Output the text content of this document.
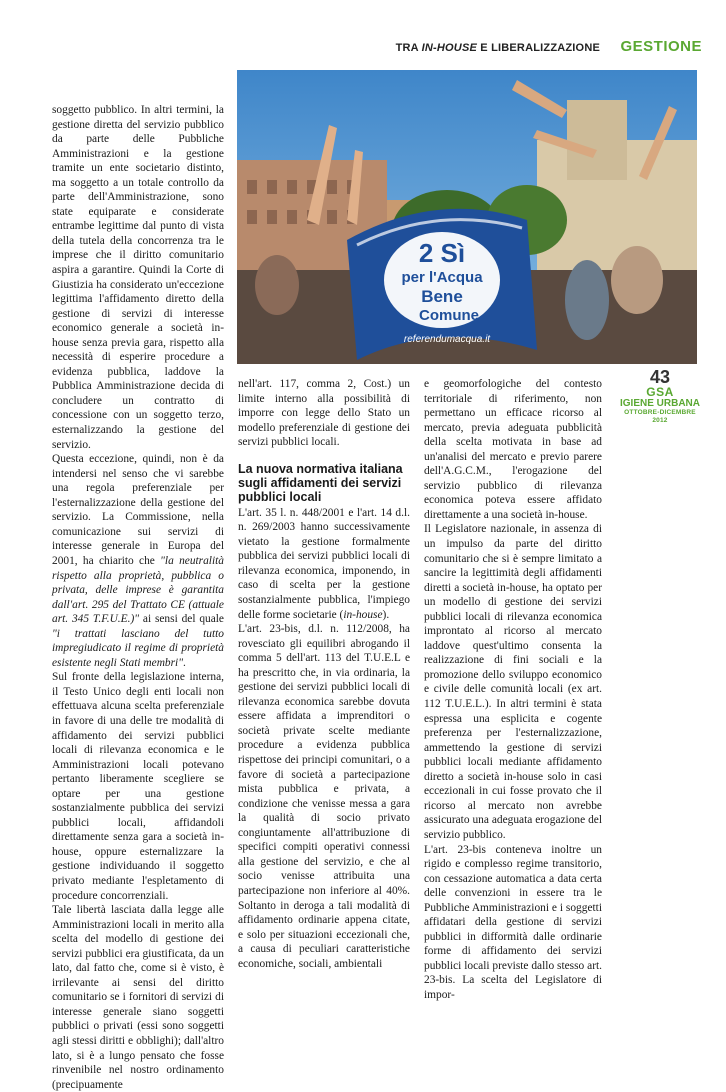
TRA IN-HOUSE E LIBERALIZZAZIONE GESTIONE
2 Sì
per l'Acqua
Bene
Comune
referendumacqua.it
43
GSA
IGIENE URBANA
OTTOBRE-DICEMBRE 2012

soggetto pubblico. In altri termini, la gestione diretta del servizio pubblico da parte delle Pubbliche Amministrazioni e la gestione tramite un ente societario distinto, ma soggetto a un totale controllo da parte dell'Amministrazione, sono state equiparate e considerate entrambe legittime dal punto di vista della tutela della concorrenza tra le imprese che il diritto comunitario aspira a garantire. Quindi la Corte di Giustizia ha considerato un'eccezione legittima l'affidamento diretto della gestione di servizi di interesse economico generale a società in-house senza previa gara, rispetto alla necessità di esperire procedure a evidenza pubblica, laddove la Pubblica Amministrazione decida di concludere un contratto di concessione con un soggetto terzo, esternalizzando la gestione del servizio.

Questa eccezione, quindi, non è da intendersi nel senso che vi sarebbe una regola preferenziale per l'esternalizzazione della gestione del servizio. La Commissione, nella comunicazione sui servizi di interesse generale in Europa del 2001, ha chiarito che "la neutralità rispetto alla proprietà, pubblica o privata, delle imprese è garantita dall'art. 295 del Trattato CE (attuale art. 345 T.F.U.E.)" ai sensi del quale "i trattati lasciano del tutto impregiudicato il regime di proprietà esistente negli Stati membri".

Sul fronte della legislazione interna, il Testo Unico degli enti locali non effettuava alcuna scelta preferenziale in favore di una delle tre modalità di affidamento dei servizi pubblici locali di rilevanza economica e le Amministrazioni locali potevano pertanto liberamente scegliere se optare per una gestione sostanzialmente pubblica dei servizi pubblici locali, affidandoli direttamente senza gara a società in-house, oppure esternalizzare la gestione individuando il soggetto privato mediante l'espletamento di procedure concorrenziali.

Tale libertà lasciata dalla legge alle Amministrazioni locali in merito alla scelta del modello di gestione dei servizi pubblici era giustificata, da un lato, dal fatto che, come si è visto, è irrilevante ai sensi del diritto comunitario se i fornitori di servizi di interesse generale siano soggetti pubblici o privati (essi sono soggetti agli stessi diritti e obblighi); dall'altro lato, si è a lungo pensato che fosse rinvenibile nel nostro ordinamento (precipuamente

nell'art. 117, comma 2, Cost.) un limite interno alla possibilità di imporre con legge dello Stato un modello preferenziale di gestione dei servizi pubblici locali.

La nuova normativa italiana sugli affidamenti dei servizi pubblici locali

L'art. 35 l. n. 448/2001 e l'art. 14 d.l. n. 269/2003 hanno successivamente vietato la gestione formalmente pubblica dei servizi pubblici locali di rilevanza economica, imponendo, in caso di scelta per la gestione sostanzialmente pubblica, l'impiego delle forme societarie (in-house).

L'art. 23-bis, d.l. n. 112/2008, ha rovesciato gli equilibri abrogando il comma 5 dell'art. 113 del T.U.E.L e ha prescritto che, in via ordinaria, la gestione dei servizi pubblici locali di rilevanza economica sarebbe dovuta essere affidata a imprenditori o società private scelte mediante procedure a evidenza pubblica rispettose dei principi comunitari, o a favore di società a partecipazione mista pubblica e privata, a condizione che venisse messa a gara la qualità di socio privato congiuntamente all'attribuzione di specifici compiti operativi connessi alla gestione del servizio, e che al socio venisse attribuita una partecipazione non inferiore al 40%. Soltanto in deroga a tali modalità di affidamento ordinarie appena citate, e solo per situazioni eccezionali che, a causa di peculiari caratteristiche economiche, sociali, ambientali

e geomorfologiche del contesto territoriale di riferimento, non permettano un efficace ricorso al mercato, previa adeguata pubblicità della scelta motivata in base ad un'analisi del mercato e previo parere dell'A.G.C.M., l'erogazione del servizio pubblico di rilevanza economica poteva essere affidato direttamente a una società in-house.

Il Legislatore nazionale, in assenza di un impulso da parte del diritto comunitario che si è sempre limitato a sancire la legittimità degli affidamenti diretti a società in-house, ha optato per un modello di gestione dei servizi pubblici locali di rilevanza economica improntato al ricorso al mercato laddove quest'ultimo consenta la realizzazione di fini sociali e la promozione dello sviluppo economico e civile delle comunità locali (ex art. 112 T.U.E.L.). In altri termini è stata espressa una esplicita e cogente preferenza per l'esternalizzazione, ammettendo la gestione di servizi pubblici locali mediante affidamento diretto a società in-house solo in casi eccezionali in cui fosse provato che il ricorso al mercato non avrebbe assicurato una adeguata erogazione del servizio pubblico.

L'art. 23-bis conteneva inoltre un rigido e complesso regime transitorio, con cessazione automatica a data certa delle convenzioni in essere tra le Pubbliche Amministrazioni e i soggetti affidatari della gestione di servizi pubblici in difformità dalle ordinarie forme di affidamento dei servizi pubblici locali previste dallo stesso art. 23-bis. La scelta del Legislatore di impor-
